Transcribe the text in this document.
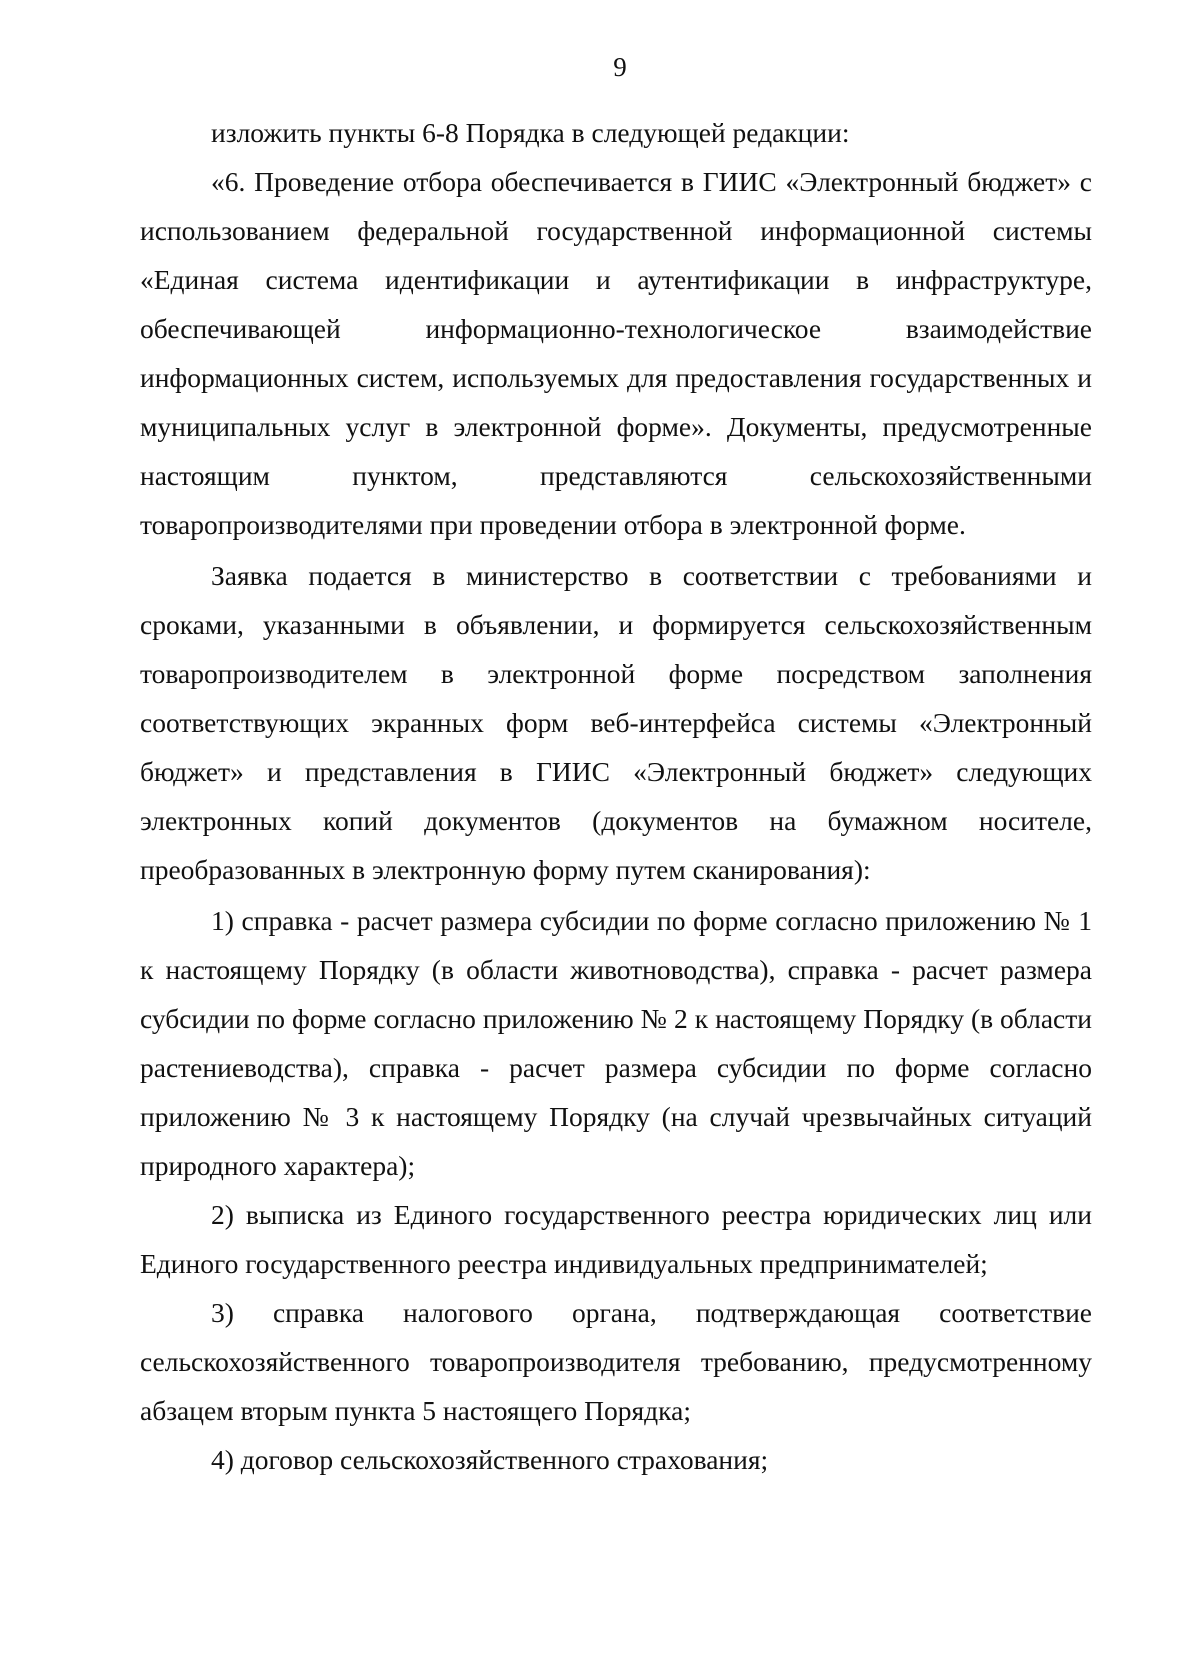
9

изложить пункты 6-8 Порядка в следующей редакции:

«6. Проведение отбора обеспечивается в ГИИС «Электронный бюджет» с использованием федеральной государственной информационной системы «Единая система идентификации и аутентификации в инфраструктуре, обеспечивающей информационно-технологическое взаимодействие информационных систем, используемых для предоставления государственных и муниципальных услуг в электронной форме». Документы, предусмотренные настоящим пунктом, представляются сельскохозяйственными товаропроизводителями при проведении отбора в электронной форме.

Заявка подается в министерство в соответствии с требованиями и сроками, указанными в объявлении, и формируется сельскохозяйственным товаропроизводителем в электронной форме посредством заполнения соответствующих экранных форм веб-интерфейса системы «Электронный бюджет» и представления в ГИИС «Электронный бюджет» следующих электронных копий документов (документов на бумажном носителе, преобразованных в электронную форму путем сканирования):

1) справка - расчет размера субсидии по форме согласно приложению № 1 к настоящему Порядку (в области животноводства), справка - расчет размера субсидии по форме согласно приложению № 2 к настоящему Порядку (в области растениеводства), справка - расчет размера субсидии по форме согласно приложению № 3 к настоящему Порядку (на случай чрезвычайных ситуаций природного характера);

2) выписка из Единого государственного реестра юридических лиц или Единого государственного реестра индивидуальных предпринимателей;

3) справка налогового органа, подтверждающая соответствие сельскохозяйственного товаропроизводителя требованию, предусмотренному абзацем вторым пункта 5 настоящего Порядка;

4) договор сельскохозяйственного страхования;
